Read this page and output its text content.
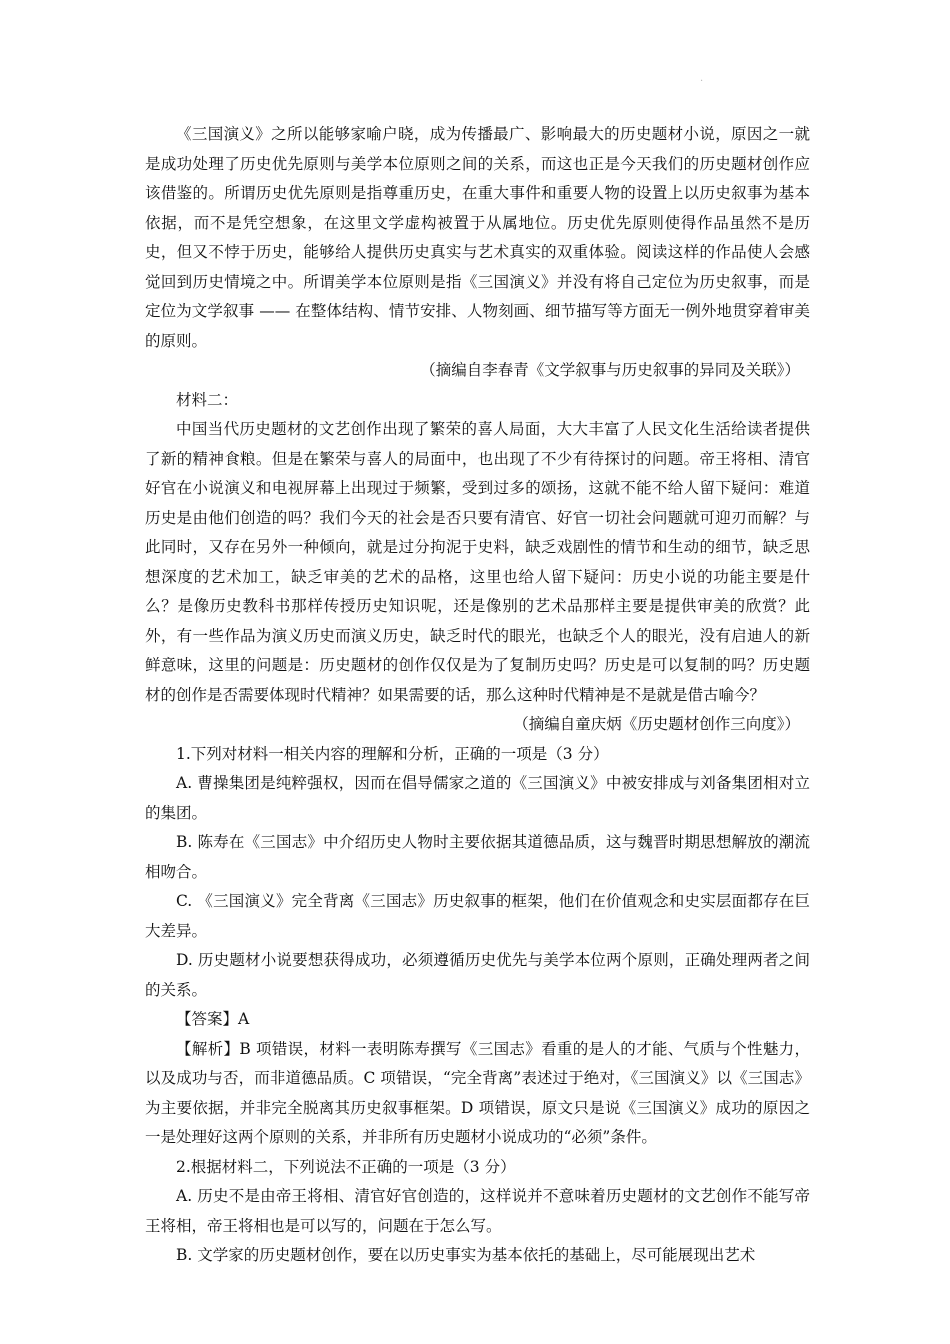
·

《三国演义》之所以能够家喻户晓，成为传播最广、影响最大的历史题材小说，原因之一就是成功处理了历史优先原则与美学本位原则之间的关系，而这也正是今天我们的历史题材创作应该借鉴的。所谓历史优先原则是指尊重历史，在重大事件和重要人物的设置上以历史叙事为基本依据，而不是凭空想象，在这里文学虚构被置于从属地位。历史优先原则使得作品虽然不是历史，但又不悖于历史，能够给人提供历史真实与艺术真实的双重体验。阅读这样的作品使人会感觉回到历史情境之中。所谓美学本位原则是指《三国演义》并没有将自己定位为历史叙事，而是定位为文学叙事 —— 在整体结构、情节安排、人物刻画、细节描写等方面无一例外地贯穿着审美的原则。

（摘编自李春青《文学叙事与历史叙事的异同及关联》）

材料二：

中国当代历史题材的文艺创作出现了繁荣的喜人局面，大大丰富了人民文化生活给读者提供了新的精神食粮。但是在繁荣与喜人的局面中，也出现了不少有待探讨的问题。帝王将相、清官好官在小说演义和电视屏幕上出现过于频繁，受到过多的颂扬，这就不能不给人留下疑问：难道历史是由他们创造的吗？我们今天的社会是否只要有清官、好官一切社会问题就可迎刃而解？与此同时，又存在另外一种倾向，就是过分拘泥于史料，缺乏戏剧性的情节和生动的细节，缺乏思想深度的艺术加工，缺乏审美的艺术的品格，这里也给人留下疑问：历史小说的功能主要是什么？是像历史教科书那样传授历史知识呢，还是像别的艺术品那样主要是提供审美的欣赏？此外，有一些作品为演义历史而演义历史，缺乏时代的眼光，也缺乏个人的眼光，没有启迪人的新鲜意味，这里的问题是：历史题材的创作仅仅是为了复制历史吗？历史是可以复制的吗？历史题材的创作是否需要体现时代精神？如果需要的话，那么这种时代精神是不是就是借古喻今？

（摘编自童庆炳《历史题材创作三向度》）

1.下列对材料一相关内容的理解和分析，正确的一项是（3 分）

A. 曹操集团是纯粹强权，因而在倡导儒家之道的《三国演义》中被安排成与刘备集团相对立的集团。

B. 陈寿在《三国志》中介绍历史人物时主要依据其道德品质，这与魏晋时期思想解放的潮流相吻合。

C. 《三国演义》完全背离《三国志》历史叙事的框架，他们在价值观念和史实层面都存在巨大差异。

D. 历史题材小说要想获得成功，必须遵循历史优先与美学本位两个原则，正确处理两者之间的关系。

【答案】A

【解析】B 项错误，材料一表明陈寿撰写《三国志》看重的是人的才能、气质与个性魅力，以及成功与否，而非道德品质。C 项错误，“完全背离”表述过于绝对，《三国演义》以《三国志》为主要依据，并非完全脱离其历史叙事框架。D 项错误，原文只是说《三国演义》成功的原因之一是处理好这两个原则的关系，并非所有历史题材小说成功的“必须”条件。

2.根据材料二，下列说法不正确的一项是（3 分）

A. 历史不是由帝王将相、清官好官创造的，这样说并不意味着历史题材的文艺创作不能写帝王将相，帝王将相也是可以写的，问题在于怎么写。

B. 文学家的历史题材创作，要在以历史事实为基本依托的基础上，尽可能展现出艺术
